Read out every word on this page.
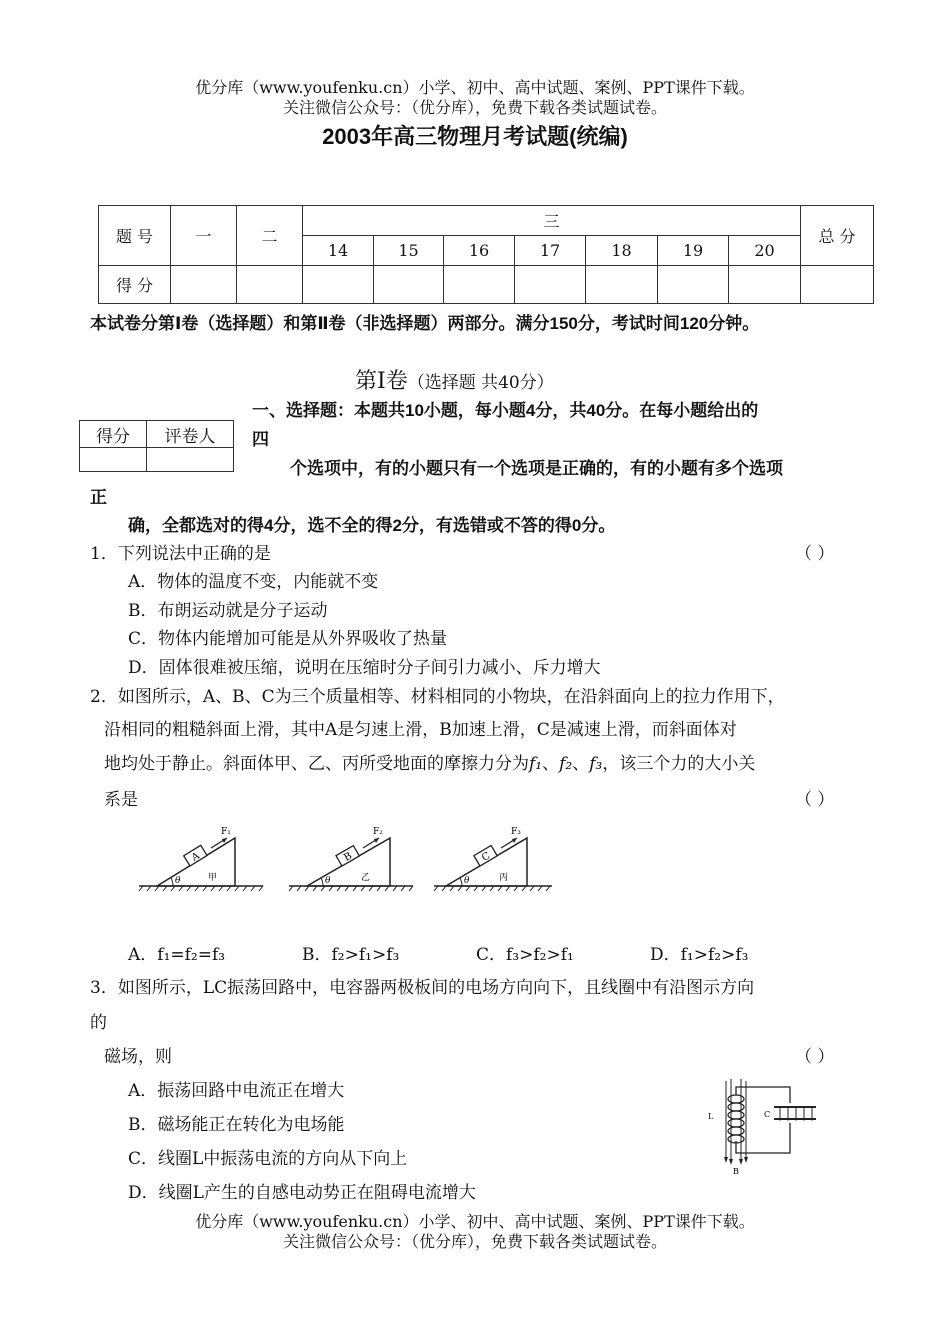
优分库（www.youfenku.cn）小学、初中、高中试题、案例、PPT课件下载。
关注微信公众号：（优分库），免费下载各类试题试卷。
2003年高三物理月考试题(统编)
题 号	一	二	三							总 分
			14	15	16	17	18	19	20	
得 分										
本试卷分第Ⅰ卷（选择题）和第Ⅱ卷（非选择题）两部分。满分150分，考试时间120分钟。
第Ⅰ卷（选择题 共40分）
得分	评卷人

一、选择题：本题共10小题，每小题4分，共40分。在每小题给出的
四
个选项中，有的小题只有一个选项是正确的，有的小题有多个选项
正
确，全都选对的得4分，选不全的得2分，有选错或不答的得0分。
1．下列说法中正确的是	（ ）
A．物体的温度不变，内能就不变
B．布朗运动就是分子运动
C．物体内能增加可能是从外界吸收了热量
D．固体很难被压缩，说明在压缩时分子间引力减小、斥力增大
2．如图所示，A、B、C为三个质量相等、材料相同的小物块，在沿斜面向上的拉力作用下，
沿相同的粗糙斜面上滑，其中A是匀速上滑，B加速上滑，C是减速上滑，而斜面体对
地均处于静止。斜面体甲、乙、丙所受地面的摩擦力分为f₁、f₂、f₃，该三个力的大小关
系是	（ ）
θ
A
F₁
甲	θ
B
F₂
乙	θ
C
F₃
丙
A．f₁=f₂=f₃	B．f₂>f₁>f₃	C．f₃>f₂>f₁	D．f₁>f₂>f₃
3．如图所示，LC振荡回路中，电容器两极板间的电场方向向下，且线圈中有沿图示方向
的
磁场，则	（ ）
A．振荡回路中电流正在增大
B．磁场能正在转化为电场能
C．线圈L中振荡电流的方向从下向上
D．线圈L产生的自感电动势正在阻碍电流增大
C
L
B
优分库（www.youfenku.cn）小学、初中、高中试题、案例、PPT课件下载。
关注微信公众号：（优分库），免费下载各类试题试卷。
